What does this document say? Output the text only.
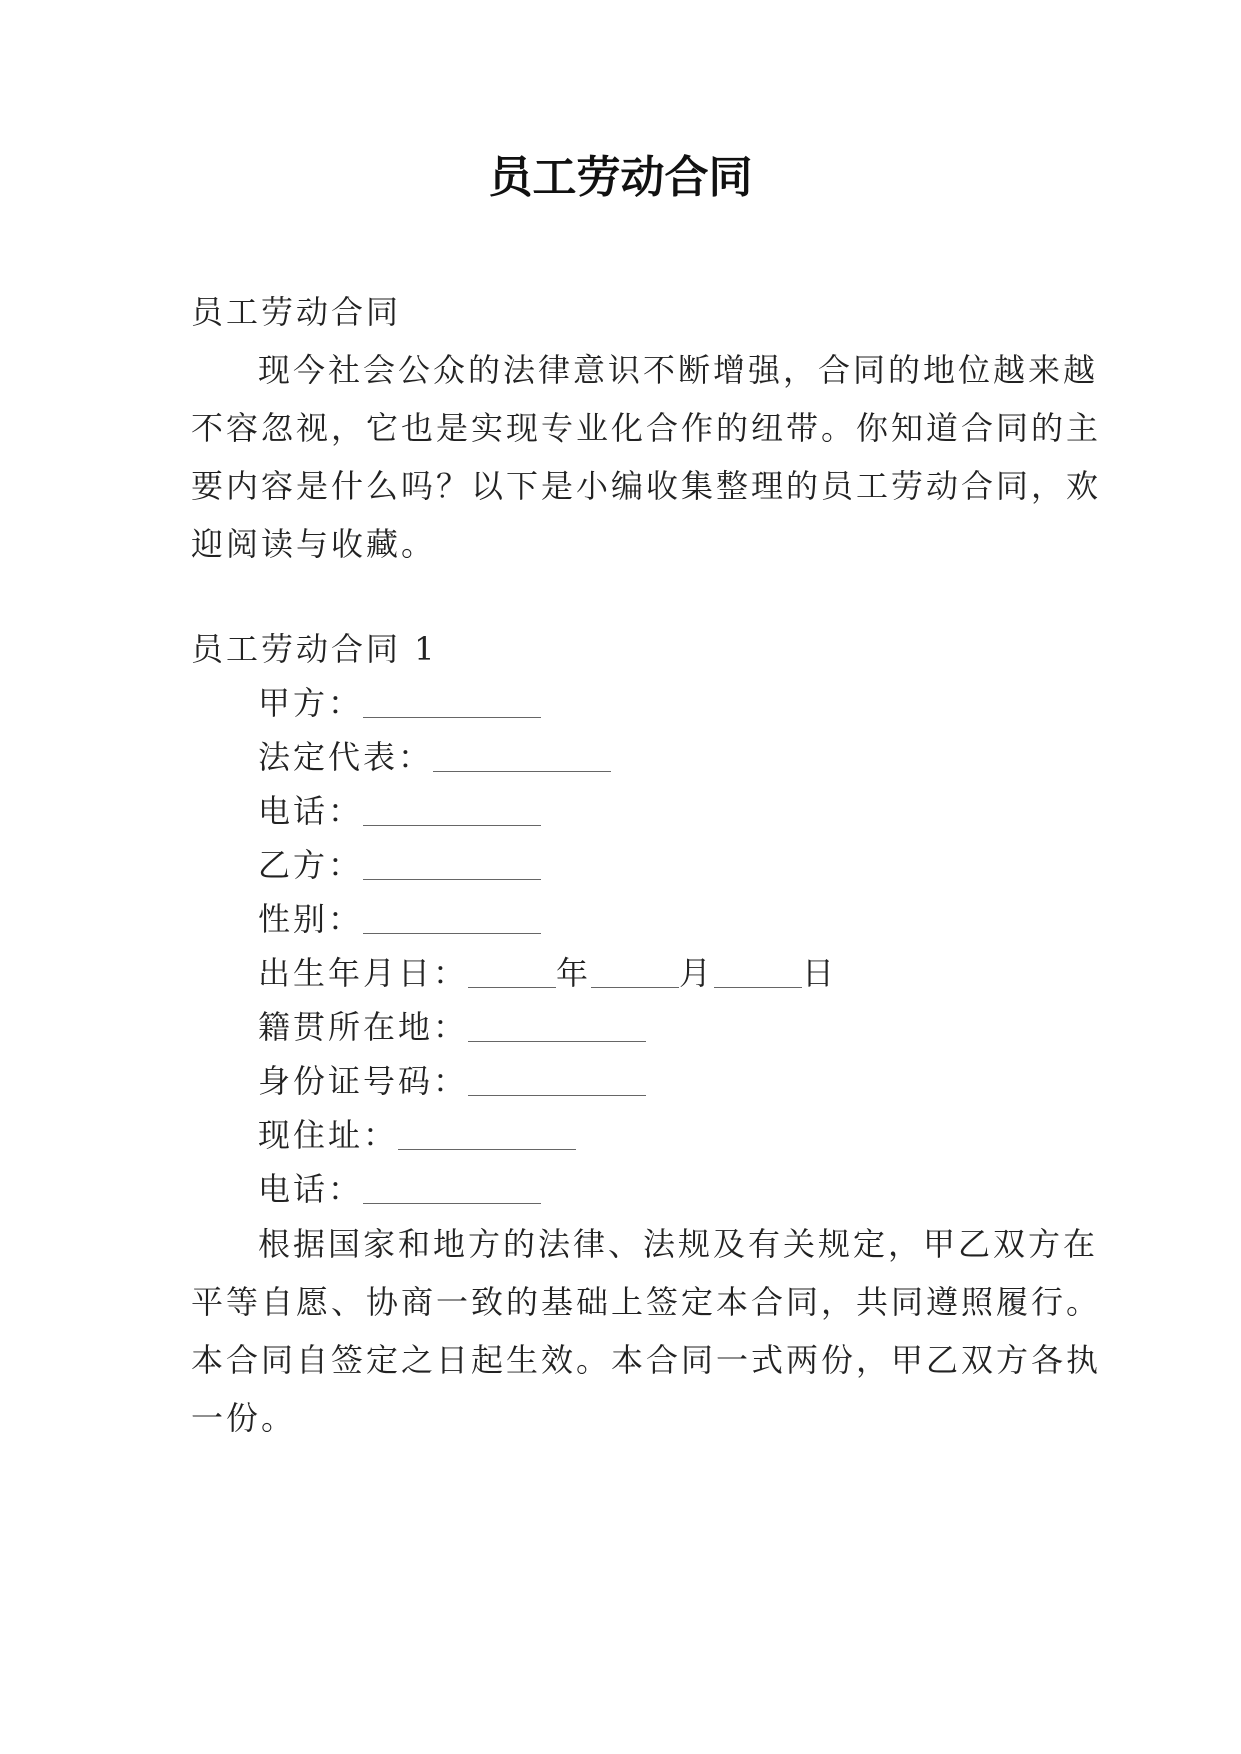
员工劳动合同
员工劳动合同
现今社会公众的法律意识不断增强，合同的地位越来越
不容忽视，它也是实现专业化合作的纽带。你知道合同的主
要内容是什么吗？以下是小编收集整理的员工劳动合同，欢
迎阅读与收藏。
员工劳动合同 1
甲方：
法定代表：
电话：
乙方：
性别：
出生年月日：	年	月	日
籍贯所在地：
身份证号码：
现住址：
电话：
根据国家和地方的法律、法规及有关规定，甲乙双方在
平等自愿、协商一致的基础上签定本合同，共同遵照履行。
本合同自签定之日起生效。本合同一式两份，甲乙双方各执
一份。
